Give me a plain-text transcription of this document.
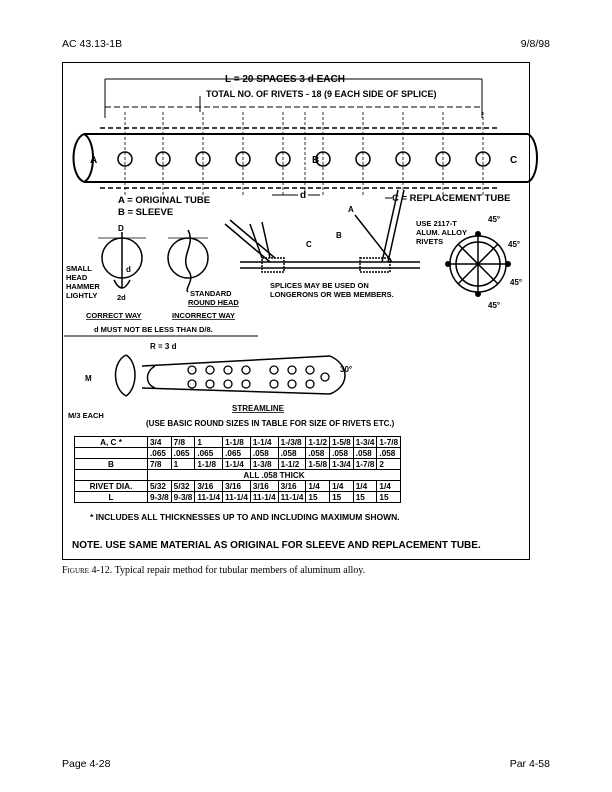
AC 43.13-1B	9/8/98
L = 20 SPACES 3 d EACH
TOTAL NO. OF RIVETS - 18 (9 EACH SIDE OF SPLICE)
A	B	C
d
A = ORIGINAL TUBE
B = SLEEVE
C = REPLACEMENT TUBE
D
d
SMALL
HEAD
HAMMER
LIGHTLY	2d	STANDARD
ROUND HEAD
CORRECT WAY	INCORRECT WAY
d MUST NOT BE LESS THAN D/8.
A
B
C
SPLICES MAY BE USED ON
LONGERONS OR WEB MEMBERS.
USE 2117-T
ALUM. ALLOY
RIVETS
45°
45°
45°
45°
R = 3 d
M
M/3 EACH
30°
STREAMLINE
(USE BASIC ROUND SIZES IN TABLE FOR SIZE OF RIVETS ETC.)
A, C *	3/4	7/8	1	1-1/8	1-1/4	1-/3/8	1-1/2	1-5/8	1-3/4	1-7/8
	.065	.065	.065	.065	.058	.058	.058	.058	.058	.058
B	7/8	1	1-1/8	1-1/4	1-3/8	1-1/2	1-5/8	1-3/4	1-7/8	2
	ALL .058 THICK									
RIVET DIA.	5/32	5/32	3/16	3/16	3/16	3/16	1/4	1/4	1/4	1/4
L	9-3/8	9-3/8	11-1/4	11-1/4	11-1/4	11-1/4	15	15	15	15
* INCLUDES ALL THICKNESSES UP TO AND INCLUDING MAXIMUM SHOWN.
NOTE. USE SAME MATERIAL AS ORIGINAL FOR SLEEVE AND REPLACEMENT TUBE.
Figure 4-12. Typical repair method for tubular members of aluminum alloy.
Page 4-28	Par 4-58
